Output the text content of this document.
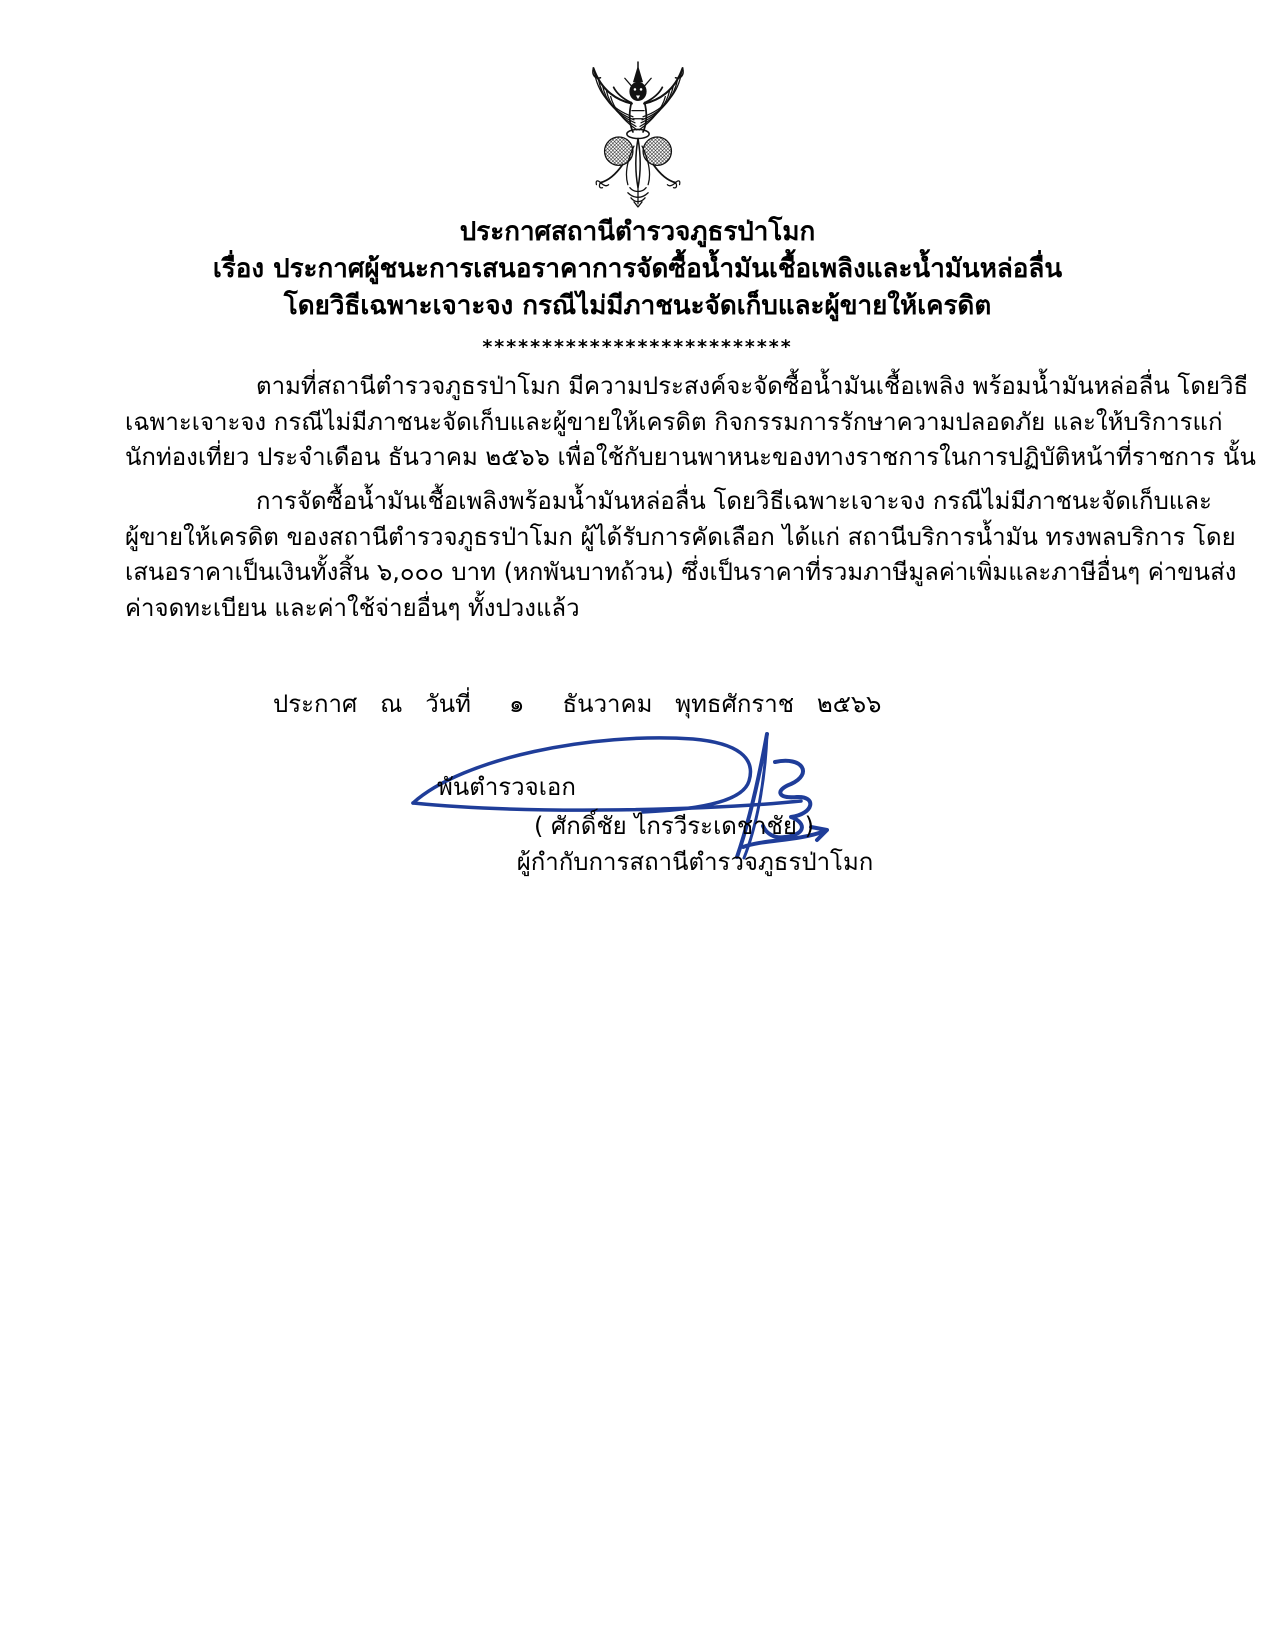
ประกาศสถานีตำรวจภูธรป่าโมก
เรื่อง ประกาศผู้ชนะการเสนอราคาการจัดซื้อน้ำมันเชื้อเพลิงและน้ำมันหล่อลื่น
โดยวิธีเฉพาะเจาะจง กรณีไม่มีภาชนะจัดเก็บและผู้ขายให้เครดิต
**************************
ตามที่สถานีตำรวจภูธรป่าโมก มีความประสงค์จะจัดซื้อน้ำมันเชื้อเพลิง พร้อมน้ำมันหล่อลื่น โดยวิธี
เฉพาะเจาะจง กรณีไม่มีภาชนะจัดเก็บและผู้ขายให้เครดิต กิจกรรมการรักษาความปลอดภัย และให้บริการแก่
นักท่องเที่ยว ประจำเดือน ธันวาคม ๒๕๖๖ เพื่อใช้กับยานพาหนะของทางราชการในการปฏิบัติหน้าที่ราชการ นั้น
การจัดซื้อน้ำมันเชื้อเพลิงพร้อมน้ำมันหล่อลื่น โดยวิธีเฉพาะเจาะจง กรณีไม่มีภาชนะจัดเก็บและ
ผู้ขายให้เครดิต ของสถานีตำรวจภูธรป่าโมก ผู้ได้รับการคัดเลือก ได้แก่ สถานีบริการน้ำมัน ทรงพลบริการ โดย
เสนอราคาเป็นเงินทั้งสิ้น ๖,๐๐๐ บาท (หกพันบาทถ้วน) ซึ่งเป็นราคาที่รวมภาษีมูลค่าเพิ่มและภาษีอื่นๆ ค่าขนส่ง
ค่าจดทะเบียน และค่าใช้จ่ายอื่นๆ ทั้งปวงแล้ว
ประกาศ   ณ   วันที่     ๑     ธันวาคม   พุทธศักราช   ๒๕๖๖
พันตำรวจเอก
( ศักดิ์ชัย ไกรวีระเดชาชัย )
ผู้กำกับการสถานีตำรวจภูธรป่าโมก
